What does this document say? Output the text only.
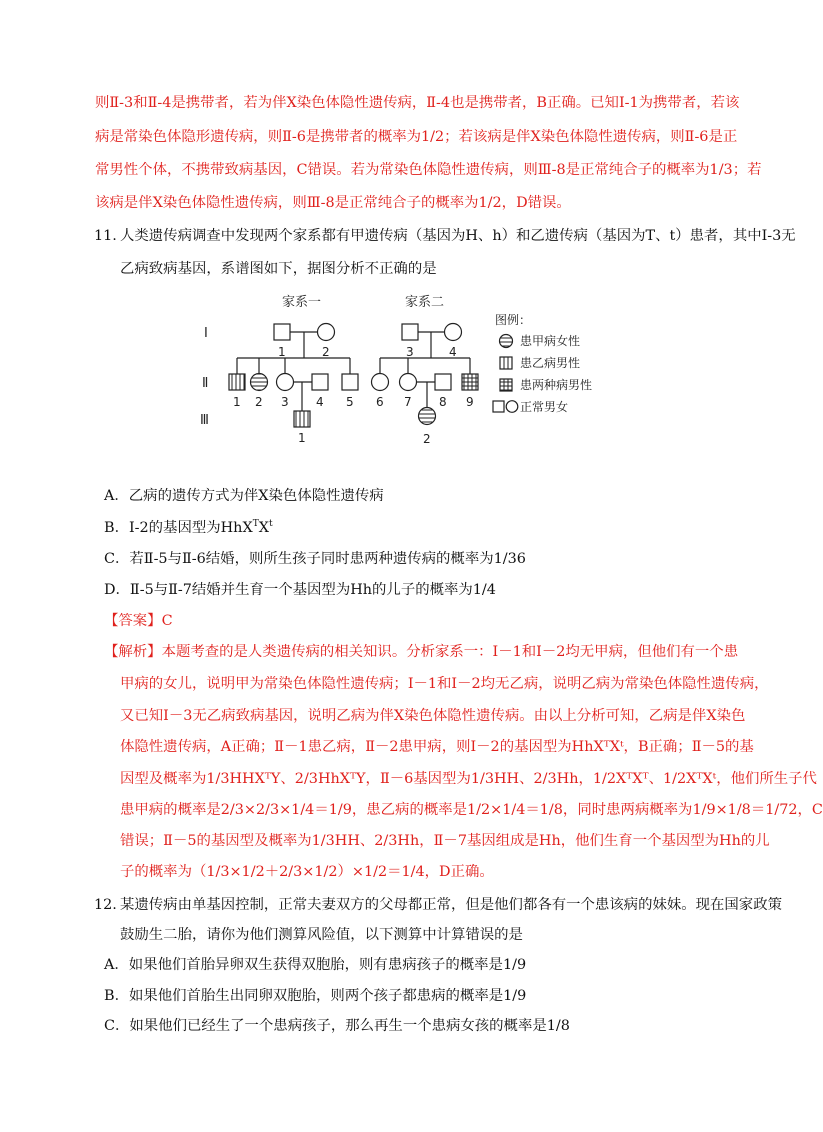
则Ⅱ-3和Ⅱ-4是携带者，若为伴X染色体隐性遗传病，Ⅱ-4也是携带者，B正确。已知I-1为携带者，若该
病是常染色体隐形遗传病，则Ⅱ-6是携带者的概率为1/2；若该病是伴X染色体隐性遗传病，则Ⅱ-6是正
常男性个体，不携带致病基因，C错误。若为常染色体隐性遗传病，则Ⅲ-8是正常纯合子的概率为1/3；若
该病是伴X染色体隐性遗传病，则Ⅲ-8是正常纯合子的概率为1/2，D错误。
11. 人类遗传病调查中发现两个家系都有甲遗传病（基因为H、h）和乙遗传病（基因为T、t）患者，其中Ⅰ-3无
乙病致病基因，系谱图如下，据图分析不正确的是
家系一	家系二
Ⅰ
Ⅱ
Ⅲ
1	2
1 2 3 4 5
1
3	4
6 7 8 9
2
图例：
患甲病女性
患乙病男性
患两种病男性
正常男女
A．乙病的遗传方式为伴X染色体隐性遗传病
B．Ⅰ-2的基因型为$HhX^TX^t$
C．若Ⅱ-5与Ⅱ-6结婚，则所生孩子同时患两种遗传病的概率为1/36
D．Ⅱ-5与Ⅱ-7结婚并生育一个基因型为Hh的儿子的概率为1/4
【答案】C
【解析】本题考查的是人类遗传病的相关知识。分析家系一：Ⅰ－1和Ⅰ－2均无甲病，但他们有一个患
甲病的女儿，说明甲为常染色体隐性遗传病；Ⅰ－1和Ⅰ－2均无乙病，说明乙病为常染色体隐性遗传病，
又已知Ⅰ－3无乙病致病基因，说明乙病为伴X染色体隐性遗传病。由以上分析可知，乙病是伴X染色
体隐性遗传病，A正确；Ⅱ－1患乙病，Ⅱ－2患甲病，则Ⅰ－2的基因型为HhXᵀXᵗ，B正确；Ⅱ－5的基
因型及概率为1/3HHXᵀY、2/3HhXᵀY，Ⅱ－6基因型为1/3HH、2/3Hh，1/2XᵀXᵀ、1/2XᵀXᵗ，他们所生子代
患甲病的概率是2/3×2/3×1/4＝1/9，患乙病的概率是1/2×1/4＝1/8，同时患两病概率为1/9×1/8＝1/72，C
错误；Ⅱ－5的基因型及概率为1/3HH、2/3Hh，Ⅱ－7基因组成是Hh，他们生育一个基因型为Hh的儿
子的概率为（1/3×1/2＋2/3×1/2）×1/2＝1/4，D正确。
12. 某遗传病由单基因控制，正常夫妻双方的父母都正常，但是他们都各有一个患该病的妹妹。现在国家政策
鼓励生二胎，请你为他们测算风险值，以下测算中计算错误的是
A．如果他们首胎异卵双生获得双胞胎，则有患病孩子的概率是1/9
B．如果他们首胎生出同卵双胞胎，则两个孩子都患病的概率是1/9
C．如果他们已经生了一个患病孩子，那么再生一个患病女孩的概率是1/8
